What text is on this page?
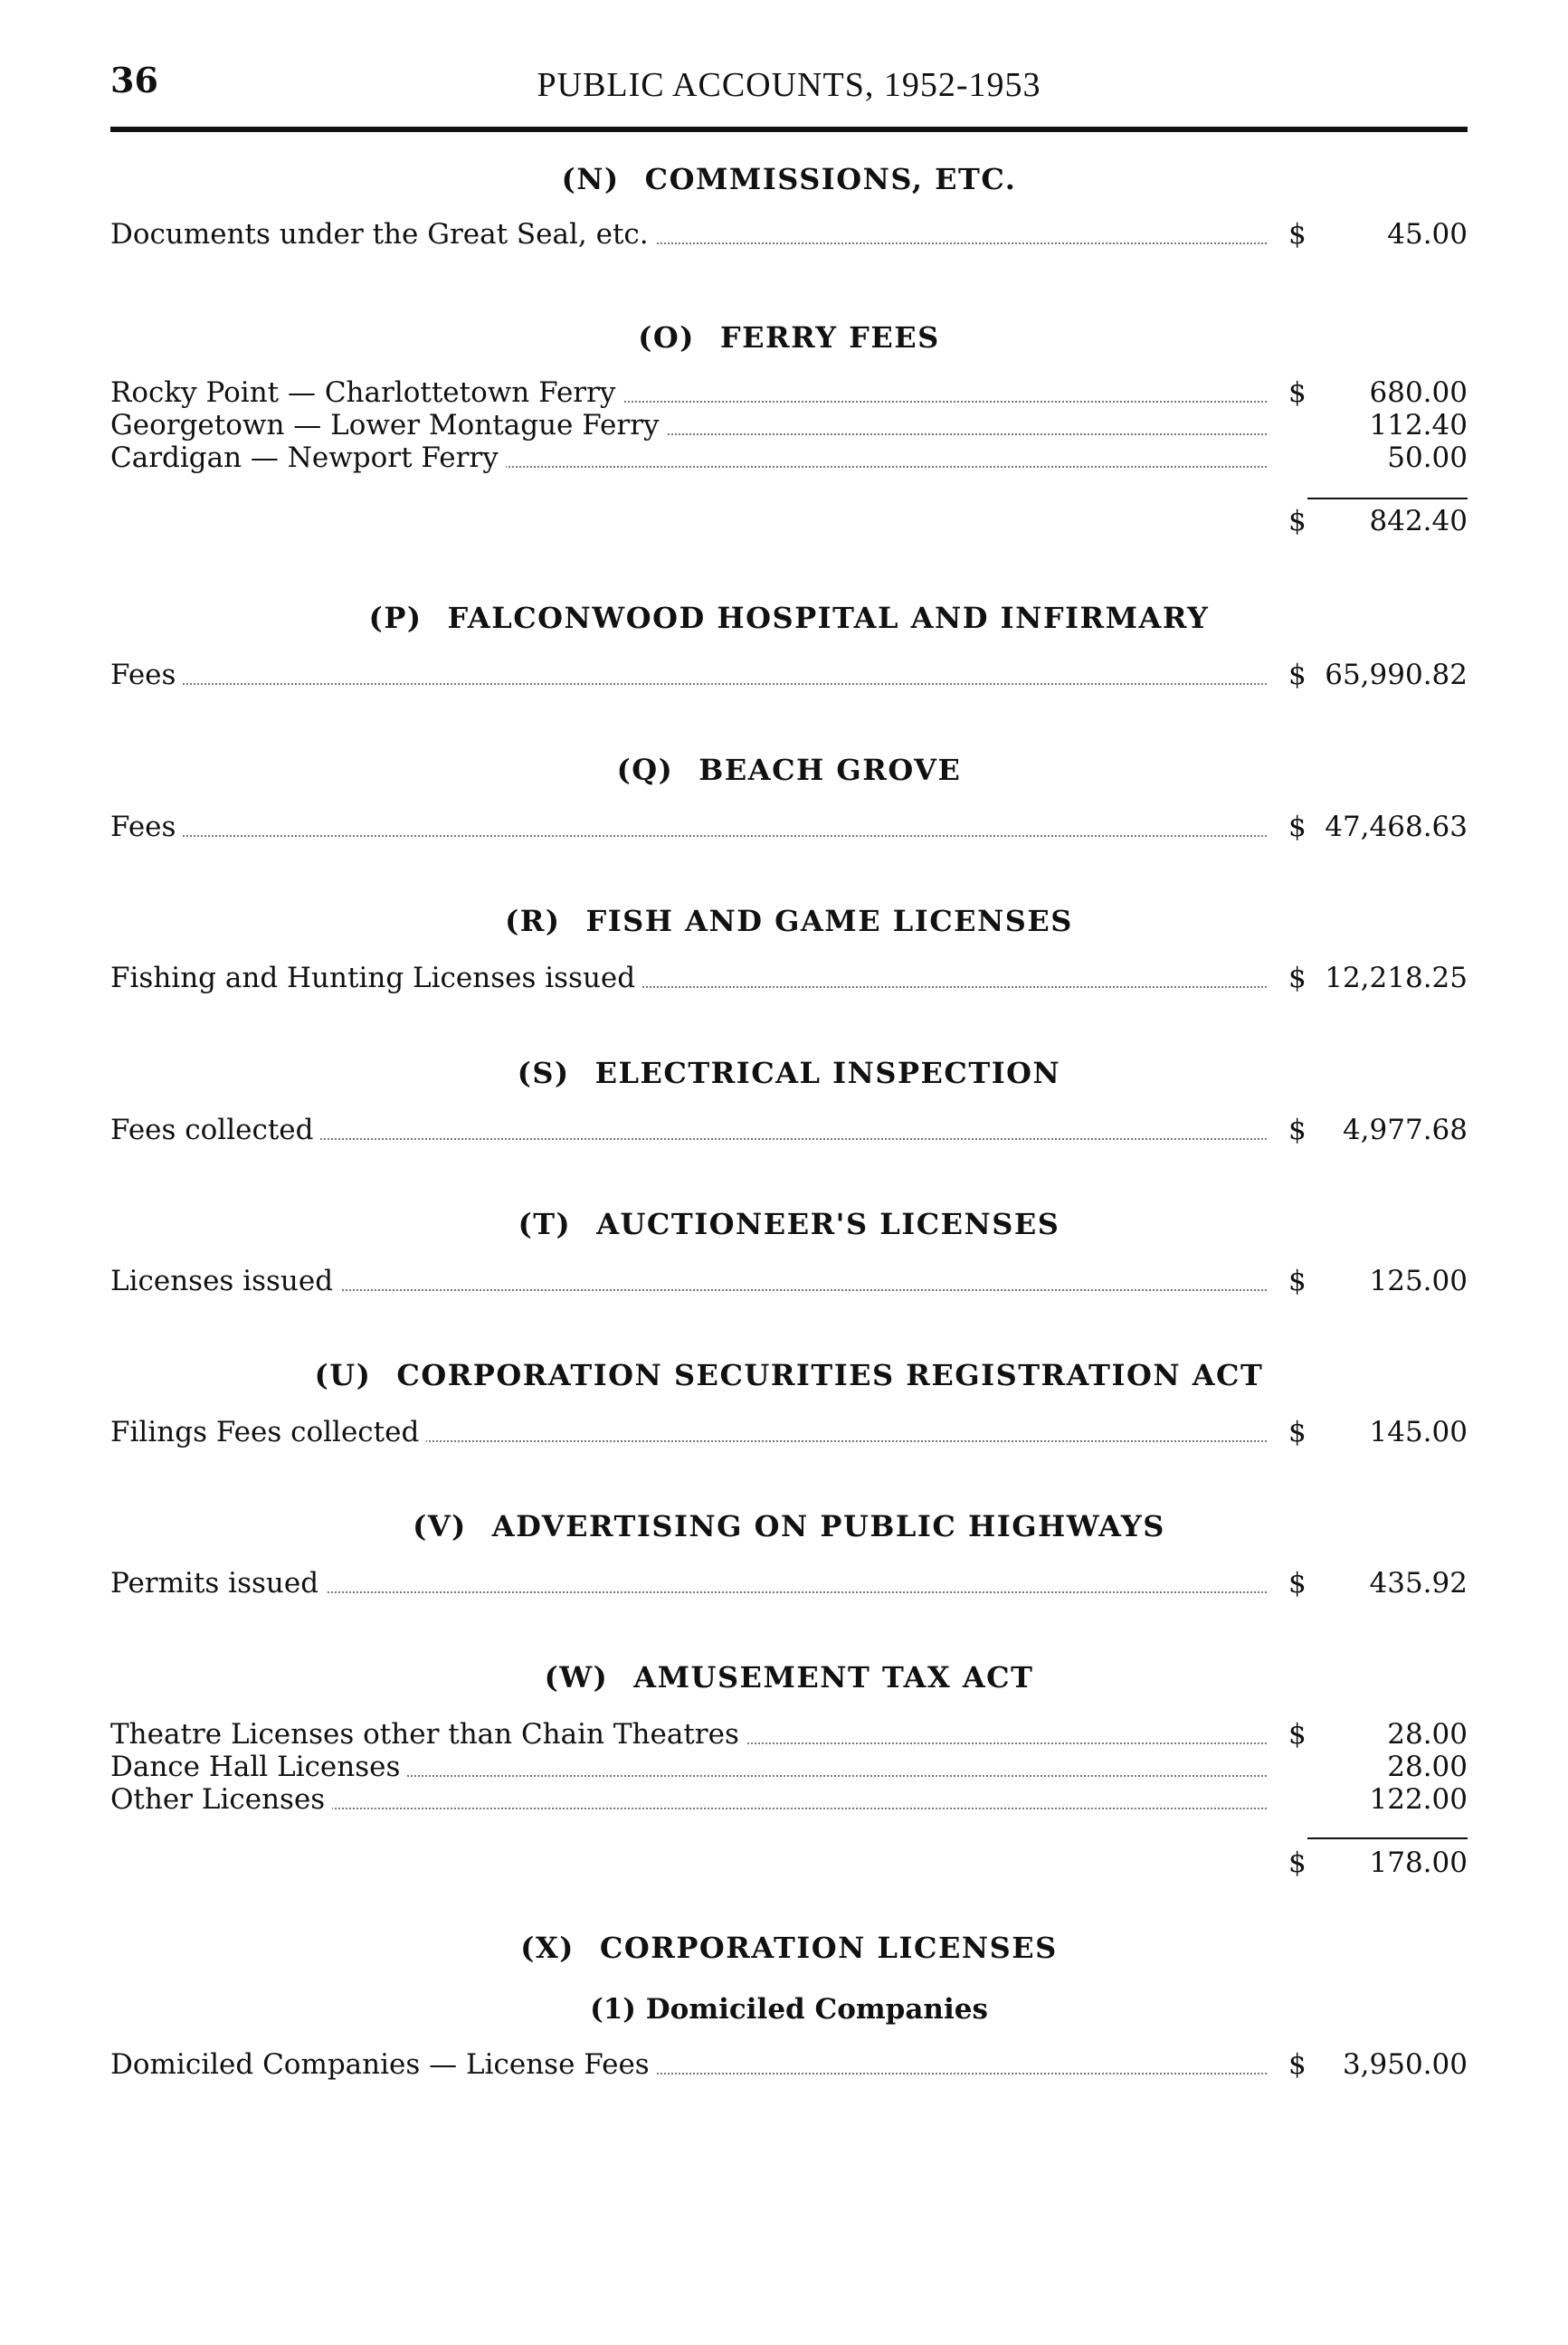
36	PUBLIC ACCOUNTS, 1952-1953
(N) COMMISSIONS, ETC.
Documents under the Great Seal, etc.	$	45.00
(O) FERRY FEES
Rocky Point — Charlottetown Ferry	$ 680.00
Georgetown — Lower Montague Ferry	112.40
Cardigan — Newport Ferry	50.00
$ 842.40
(P) FALCONWOOD HOSPITAL AND INFIRMARY
Fees	$ 65,990.82
(Q) BEACH GROVE
Fees	$ 47,468.63
(R) FISH AND GAME LICENSES
Fishing and Hunting Licenses issued	$ 12,218.25
(S) ELECTRICAL INSPECTION
Fees collected	$ 4,977.68
(T) AUCTIONEER'S LICENSES
Licenses issued	$ 125.00
(U) CORPORATION SECURITIES REGISTRATION ACT
Filings Fees collected	$ 145.00
(V) ADVERTISING ON PUBLIC HIGHWAYS
Permits issued	$ 435.92
(W) AMUSEMENT TAX ACT
Theatre Licenses other than Chain Theatres	$	28.00
Dance Hall Licenses	28.00
Other Licenses	122.00
$ 178.00
(X) CORPORATION LICENSES
(1) Domiciled Companies
Domiciled Companies — License Fees	$ 3,950.00
